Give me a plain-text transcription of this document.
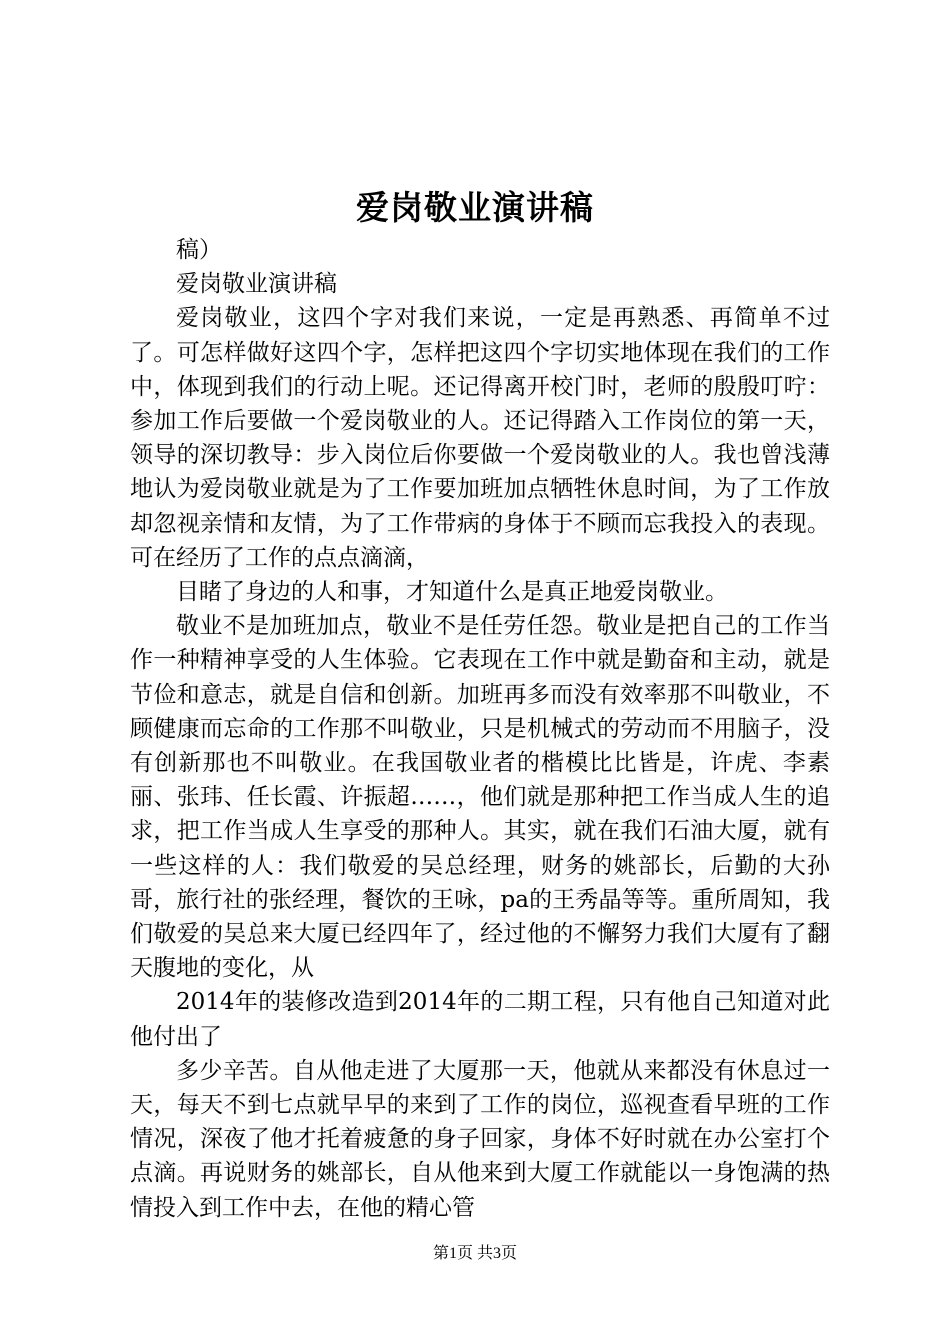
爱岗敬业演讲稿

稿）

爱岗敬业演讲稿

爱岗敬业，这四个字对我们来说，一定是再熟悉、再简单不过了。可怎样做好这四个字，怎样把这四个字切实地体现在我们的工作中，体现到我们的行动上呢。还记得离开校门时，老师的殷殷叮咛：参加工作后要做一个爱岗敬业的人。还记得踏入工作岗位的第一天，领导的深切教导：步入岗位后你要做一个爱岗敬业的人。我也曾浅薄地认为爱岗敬业就是为了工作要加班加点牺牲休息时间，为了工作放却忽视亲情和友情，为了工作带病的身体于不顾而忘我投入的表现。可在经历了工作的点点滴滴，

目睹了身边的人和事，才知道什么是真正地爱岗敬业。

敬业不是加班加点，敬业不是任劳任怨。敬业是把自己的工作当作一种精神享受的人生体验。它表现在工作中就是勤奋和主动，就是节俭和意志，就是自信和创新。加班再多而没有效率那不叫敬业，不顾健康而忘命的工作那不叫敬业，只是机械式的劳动而不用脑子，没有创新那也不叫敬业。在我国敬业者的楷模比比皆是，许虎、李素丽、张玮、任长霞、许振超……，他们就是那种把工作当成人生的追求，把工作当成人生享受的那种人。其实，就在我们石油大厦，就有一些这样的人：我们敬爱的吴总经理，财务的姚部长，后勤的大孙哥，旅行社的张经理，餐饮的王咏，pa的王秀晶等等。重所周知，我们敬爱的吴总来大厦已经四年了，经过他的不懈努力我们大厦有了翻天腹地的变化，从

2014年的装修改造到2014年的二期工程，只有他自己知道对此他付出了

多少辛苦。自从他走进了大厦那一天，他就从来都没有休息过一天，每天不到七点就早早的来到了工作的岗位，巡视查看早班的工作情况，深夜了他才托着疲惫的身子回家，身体不好时就在办公室打个点滴。再说财务的姚部长，自从他来到大厦工作就能以一身饱满的热情投入到工作中去，在他的精心管

第1页 共3页
